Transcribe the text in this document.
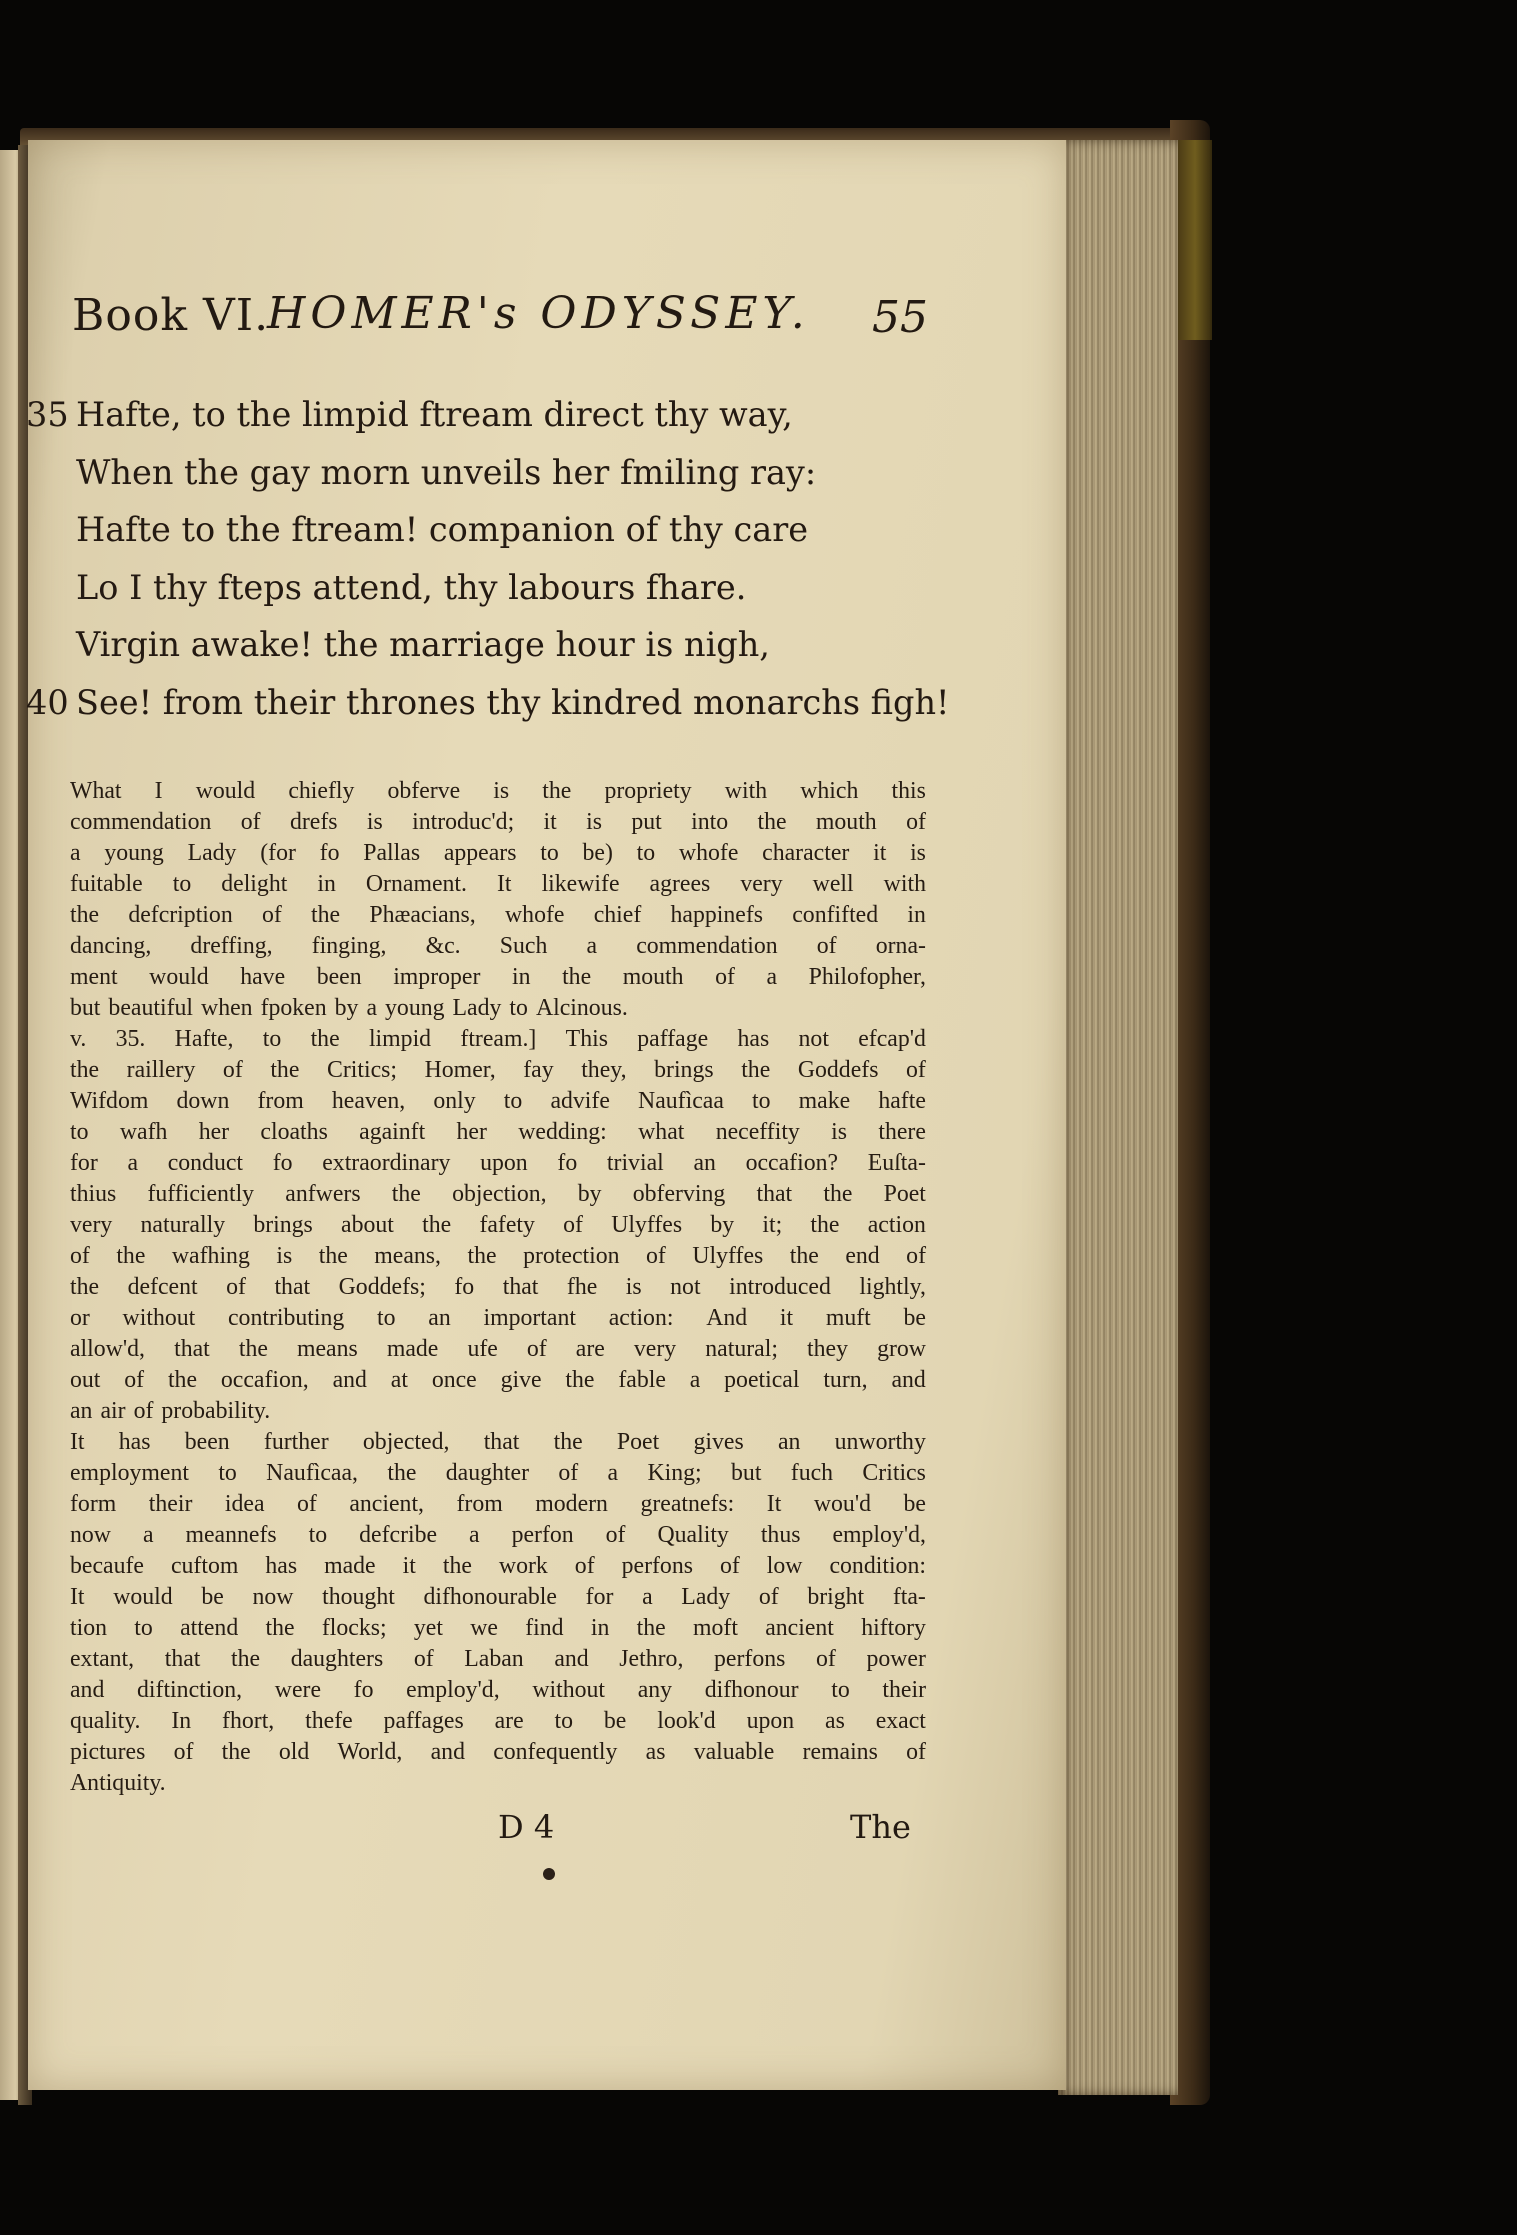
Book VI.
HOMER's ODYSSEY. 55
35 Hafte, to the limpid ftream direct thy way,
When the gay morn unveils her fmiling ray:
Hafte to the ftream! companion of thy care
Lo I thy fteps attend, thy labours fhare.
Virgin awake! the marriage hour is nigh,
40 See! from their thrones thy kindred monarchs figh!
What I would chiefly obferve is the propriety with which this
commendation of drefs is introduc'd; it is put into the mouth of
a young Lady (for fo Pallas appears to be) to whofe character it is
fuitable to delight in Ornament. It likewife agrees very well with
the defcription of the Phæacians, whofe chief happinefs confifted in
dancing, dreffing, finging, &c. Such a commendation of orna-
ment would have been improper in the mouth of a Philofopher,
but beautiful when fpoken by a young Lady to Alcinous.
v. 35. Hafte, to the limpid ftream.] This paffage has not efcap'd
the raillery of the Critics; Homer, fay they, brings the Goddefs of
Wifdom down from heaven, only to advife Naufìcaa to make hafte
to wafh her cloaths againft her wedding: what neceffity is there
for a conduct fo extraordinary upon fo trivial an occafion? Euſta-
thius fufficiently anfwers the objection, by obferving that the Poet
very naturally brings about the fafety of Ulyffes by it; the action
of the wafhing is the means, the protection of Ulyffes the end of
the defcent of that Goddefs; fo that fhe is not introduced lightly,
or without contributing to an important action: And it muft be
allow'd, that the means made ufe of are very natural; they grow
out of the occafion, and at once give the fable a poetical turn, and
an air of probability.
It has been further objected, that the Poet gives an unworthy
employment to Naufìcaa, the daughter of a King; but fuch Critics
form their idea of ancient, from modern greatnefs: It wou'd be
now a meannefs to defcribe a perfon of Quality thus employ'd,
becaufe cuftom has made it the work of perfons of low condition:
It would be now thought difhonourable for a Lady of bright fta-
tion to attend the flocks; yet we find in the moft ancient hiftory
extant, that the daughters of Laban and Jethro, perfons of power
and diftinction, were fo employ'd, without any difhonour to their
quality. In fhort, thefe paffages are to be look'd upon as exact
pictures of the old World, and confequently as valuable remains of
Antiquity.
D 4	The
